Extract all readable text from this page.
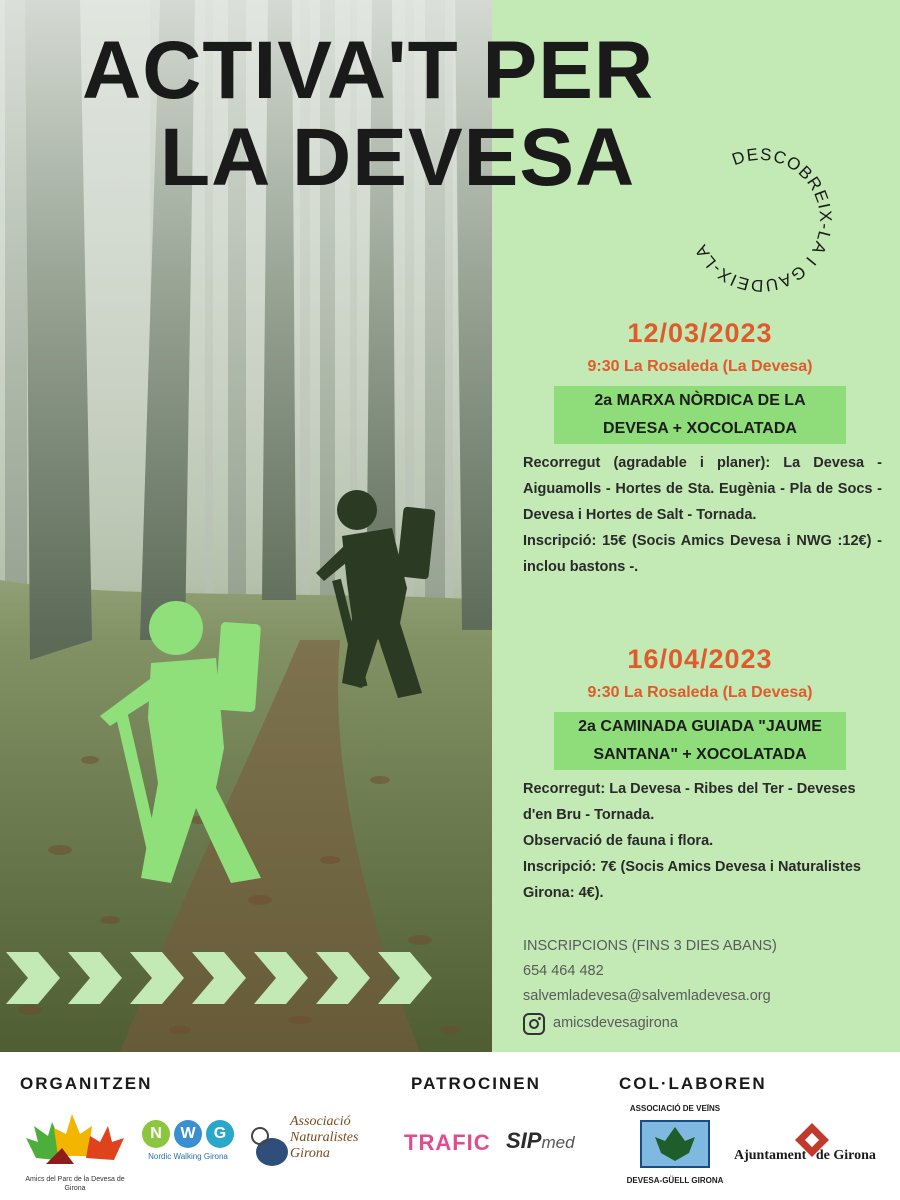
ACTIVA'T PER
LA DEVESA	DESCOBREIX-LA I GAUDEIX-LA
12/03/2023
9:30 La Rosaleda (La Devesa)
2a MARXA NÒRDICA DE LA
DEVESA + XOCOLATADA

Recorregut (agradable i planer): La Devesa - Aiguamolls - Hortes de Sta. Eugènia - Pla de Socs - Devesa i Hortes de Salt - Tornada.

Inscripció: 15€ (Socis Amics Devesa i NWG :12€) - inclou bastons -.

16/04/2023
9:30 La Rosaleda (La Devesa)
2a CAMINADA GUIADA "JAUME
SANTANA" + XOCOLATADA

Recorregut: La Devesa - Ribes del Ter - Deveses d'en Bru - Tornada.

Observació de fauna i flora.

Inscripció: 7€ (Socis Amics Devesa i Naturalistes Girona: 4€).

INSCRIPCIONS (FINS 3 DIES ABANS)
654 464 482
salvemladevesa@salvemladevesa.org
amicsdevesagirona
ORGANITZEN	PATROCINEN	COL·LABOREN
Amics del Parc de la Devesa de Girona
N	W	G
Nordic Walking Girona
Associació
Naturalistes
Girona	TRAFIC SIPmed
ASSOCIACIÓ DE VEÏNS
DEVESA-GÜELL GIRONA
Ajuntament de Girona
